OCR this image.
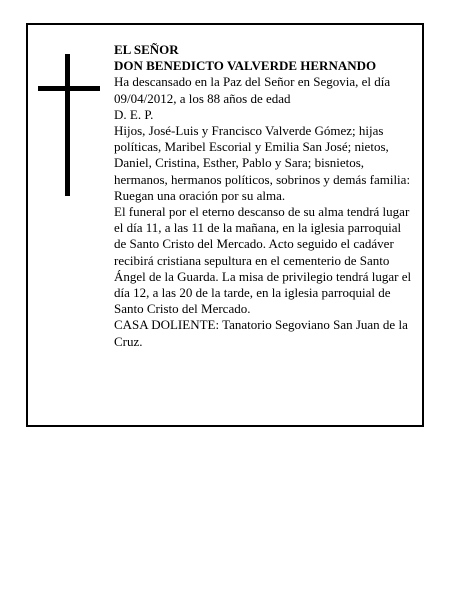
EL SEÑOR

DON BENEDICTO VALVERDE HERNANDO

Ha descansado en la Paz del Señor en Segovia, el día 09/04/2012, a los 88 años de edad

D. E. P.

Hijos, José-Luis y Francisco Valverde Gómez; hijas políticas, Maribel Escorial y Emilia San José; nietos, Daniel, Cristina, Esther, Pablo y Sara; bisnietos, hermanos, hermanos políticos, sobrinos y demás familia:

Ruegan una oración por su alma.

El funeral por el eterno descanso de su alma tendrá lugar el día 11, a las 11 de la mañana, en la iglesia parroquial de Santo Cristo del Mercado. Acto seguido el cadáver recibirá cristiana sepultura en el cementerio de Santo Ángel de la Guarda. La misa de privilegio tendrá lugar el día 12, a las 20 de la tarde, en la iglesia parroquial de Santo Cristo del Mercado.

CASA DOLIENTE: Tanatorio Segoviano San Juan de la Cruz.
